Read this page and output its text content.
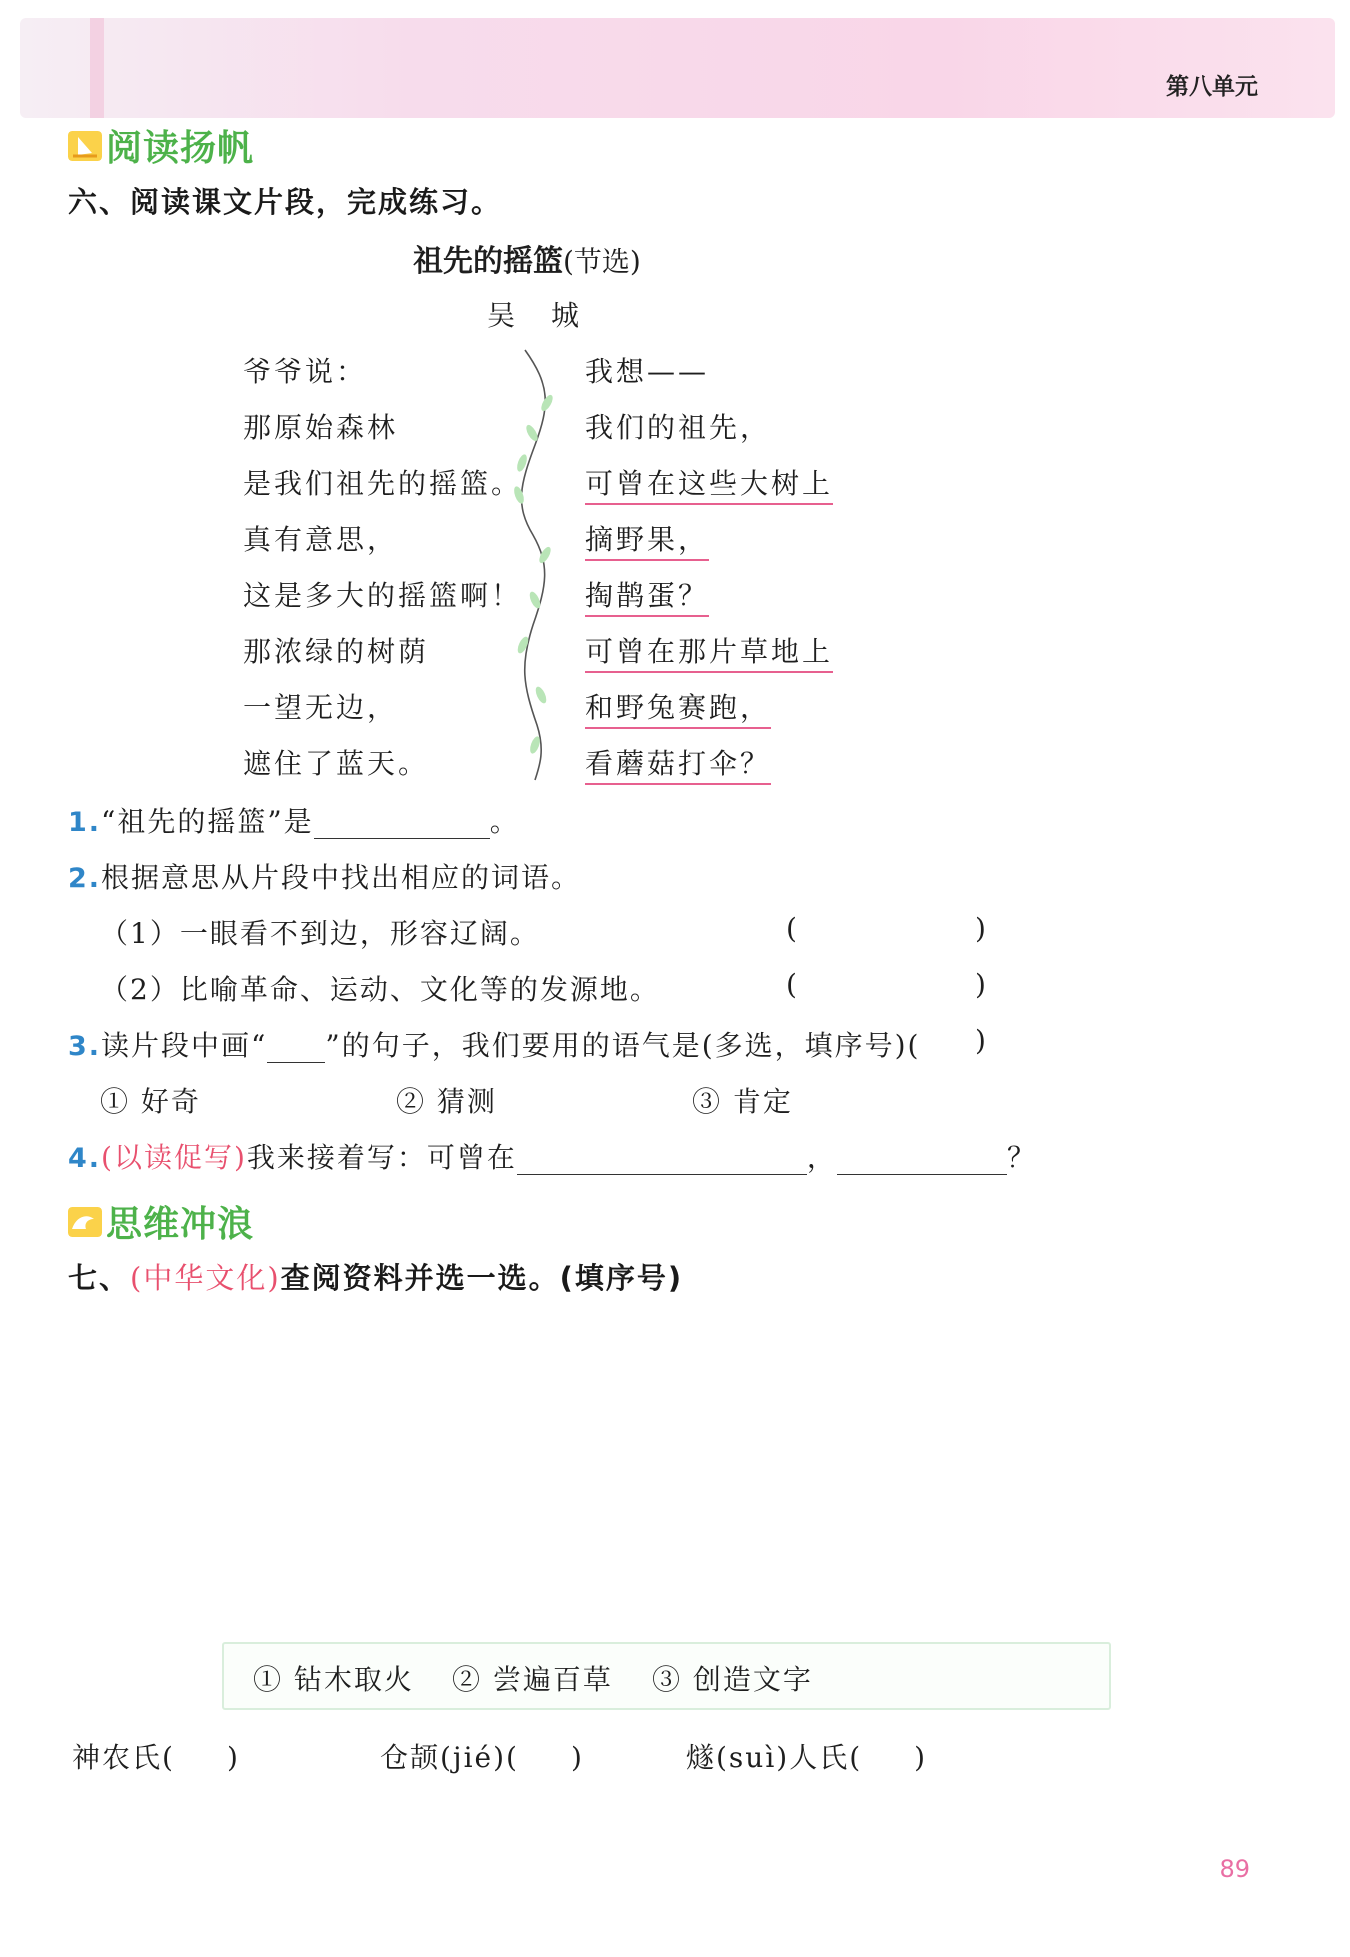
第八单元
阅读扬帆
六、阅读课文片段，完成练习。
祖先的摇篮(节选)
吴城
爷爷说：
那原始森林
是我们祖先的摇篮。
真有意思，
这是多大的摇篮啊！
那浓绿的树荫
一望无边，
遮住了蓝天。
我想——
我们的祖先，
可曾在这些大树上
摘野果，
掏鹊蛋？
可曾在那片草地上
和野兔赛跑，
看蘑菇打伞？
1.“祖先的摇篮”是	。
2.根据意思从片段中找出相应的词语。
（1）一眼看不到边，形容辽阔。	(	)
（2）比喻革命、运动、文化等的发源地。	(	)
3.读片段中画“ ”的句子，我们要用的语气是(多选，填序号)( )
① 好奇	② 猜测	③ 肯定
4.(以读促写)我来接着写：可曾在	，	？
思维冲浪
七、(中华文化)查阅资料并选一选。(填序号)
① 钻木取火 ② 尝遍百草 ③ 创造文字
神农氏( )	仓颉(jié)( )	燧(suì)人氏( )
89
